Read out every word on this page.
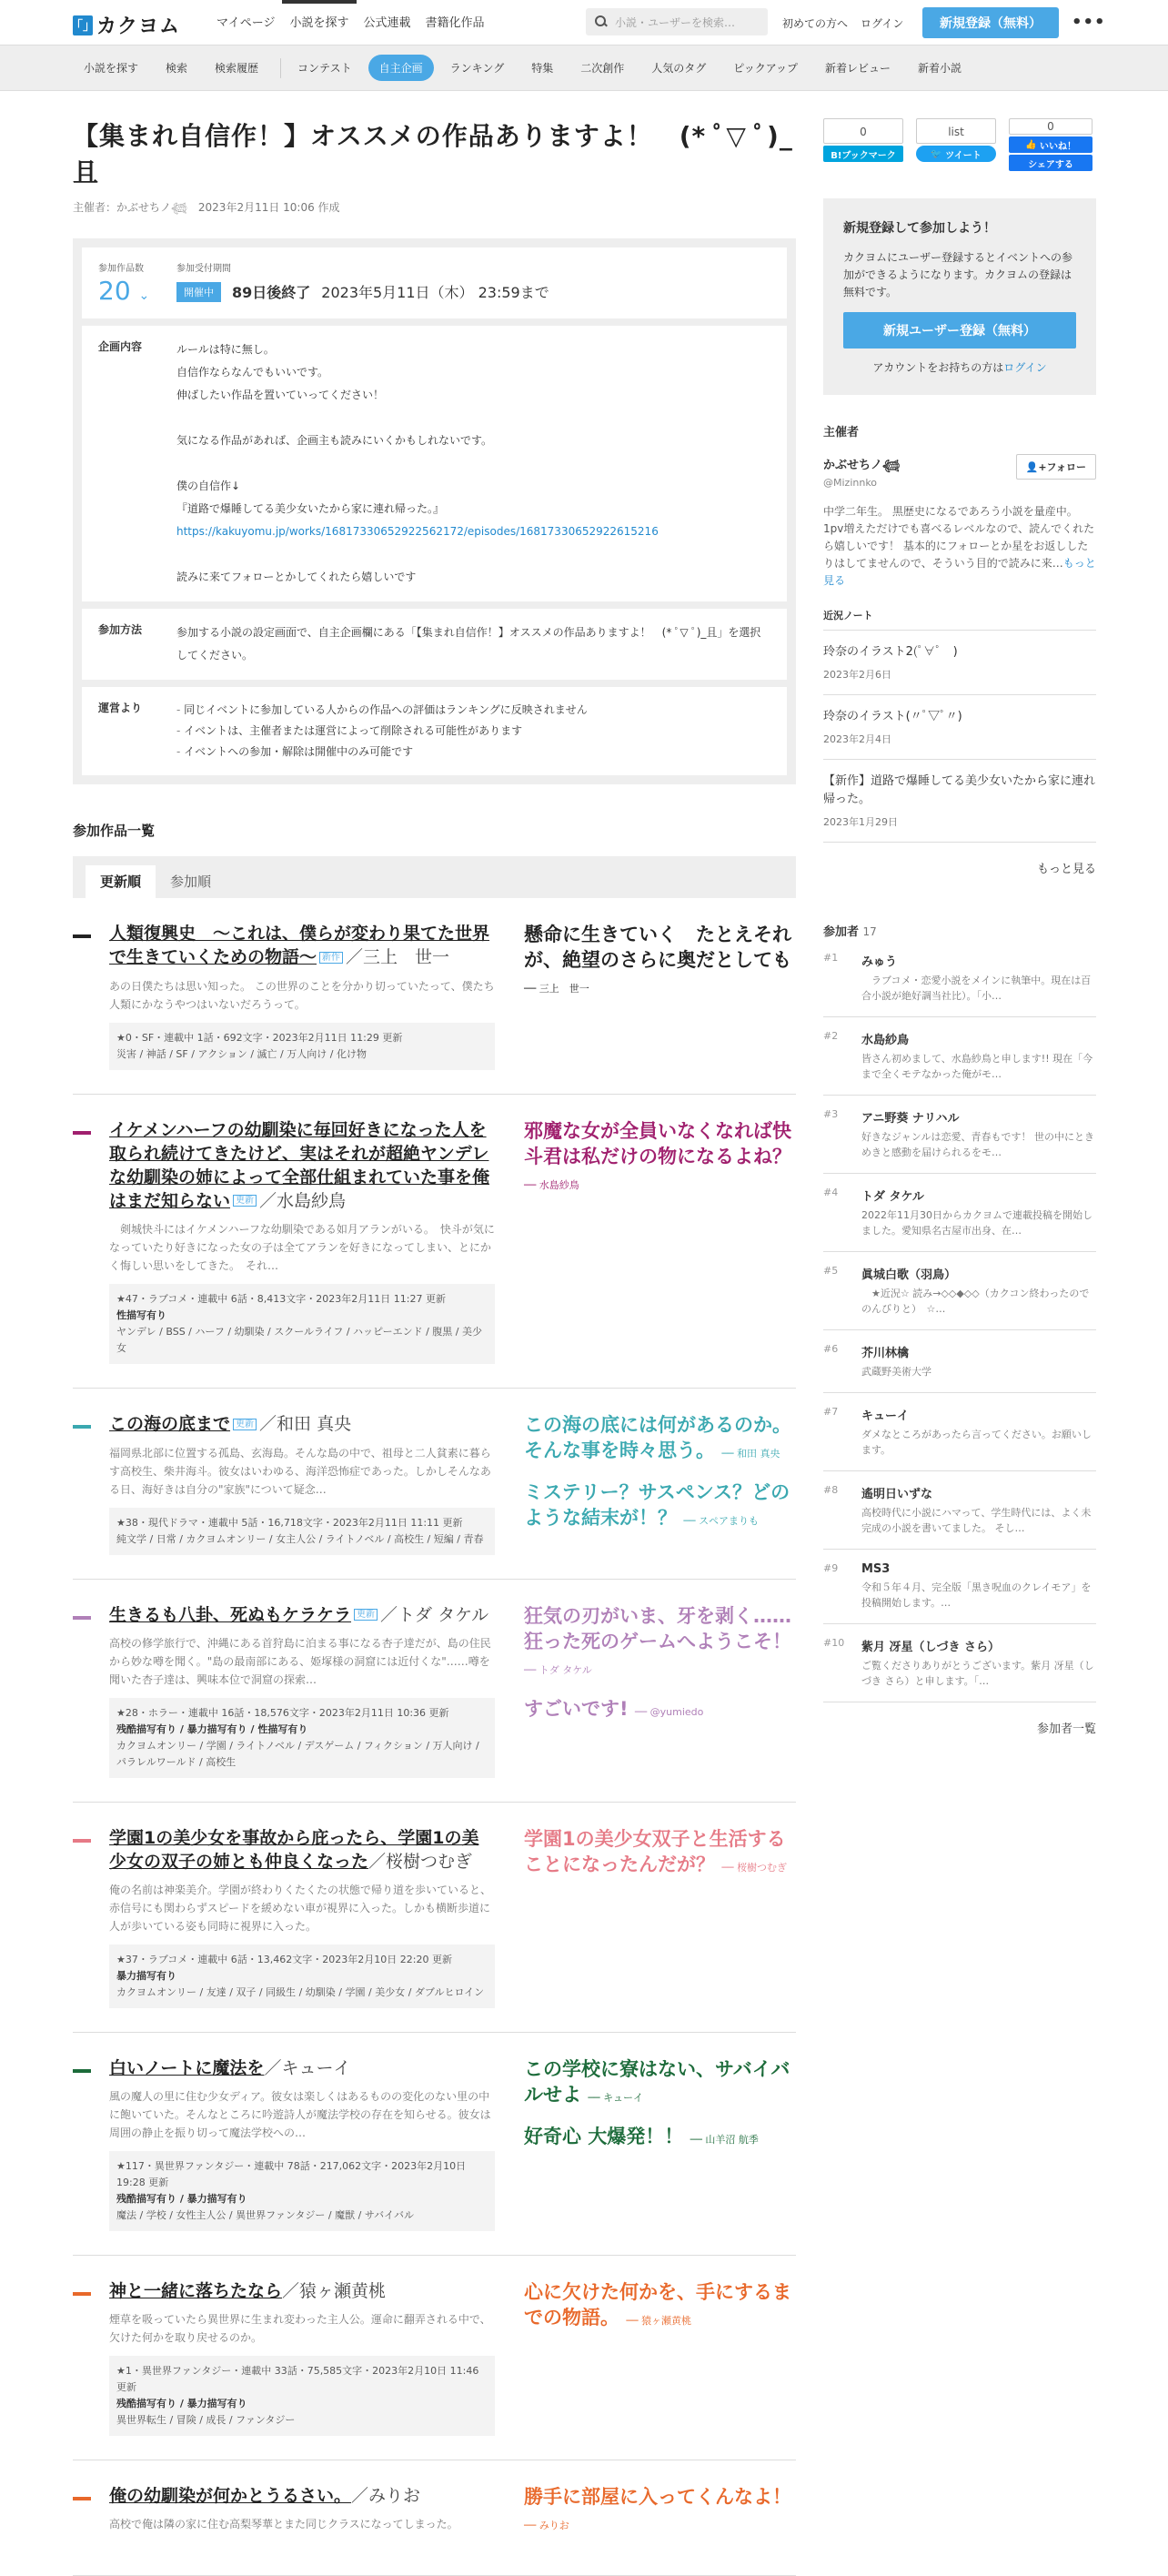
「」 カクヨム	マイページ	小説を探す	公式連載	書籍化作品	小説・ユーザーを検索…	初めての方へ ログイン	新規登録（無料）	•••
小説を探す	検索	検索履歴	コンテスト	自主企画	ランキング	特集	二次創作	人気のタグ	ピックアップ	新着レビュー	新着小説
【集まれ自信作！】オススメの作品ありますよ！　(* ﾟ▽ ﾟ)_且
主催者：かぶせちノ𓆉　2023年2月11日 10:06 作成
参加作品数
20 ⌄
参加受付期間
開催中	89日後終了 2023年5月11日（木） 23:59まで
企画内容	ルールは特に無し。
自信作ならなんでもいいです。
伸ばしたい作品を置いていってください！
気になる作品があれば、企画主も読みにいくかもしれないです。
僕の自信作↓
『道路で爆睡してる美少女いたから家に連れ帰った。』
https://kakuyomu.jp/works/16817330652922562172/episodes/16817330652922615216
読みに来てフォローとかしてくれたら嬉しいです
参加方法	参加する小説の設定画面で、自主企画欄にある「【集まれ自信作！】オススメの作品ありますよ！　(* ﾟ▽ ﾟ)_且」を選択してください。
運営より
-	同じイベントに参加している人からの作品への評価はランキングに反映されません
- イベントは、主催者または運営によって削除される可能性があります
- イベントへの参加・解除は開催中のみ可能です
参加作品一覧
更新順	参加順
人類復興史　～これは、僕らが変わり果てた世界で生きていくための物語～ 新作 ／三上　世一
あの日僕たちは思い知った。 この世界のことを分かり切っていたって、僕たち人類にかなうやつはいないだろうって。
★0・SF・連載中 1話・692文字・2023年2月11日 11:29 更新
災害 / 神話 / SF / アクション / 滅亡 / 万人向け / 化け物
懸命に生きていく　たとえそれが、絶望のさらに奥だとしても ── 三上　世一
イケメンハーフの幼馴染に毎回好きになった人を取られ続けてきたけど、実はそれが超絶ヤンデレな幼馴染の姉によって全部仕組まれていた事を俺はまだ知らない 更新 ／水島紗鳥
　剣城快斗にはイケメンハーフな幼馴染である如月アランがいる。　快斗が気になっていたり好きになった女の子は全てアランを好きになってしまい、とにかく悔しい思いをしてきた。　それ…
★47・ラブコメ・連載中 6話・8,413文字・2023年2月11日 11:27 更新
性描写有り
ヤンデレ / BSS / ハーフ / 幼馴染 / スクールライフ / ハッピーエンド / 腹黒 / 美少女
邪魔な女が全員いなくなれば快斗君は私だけの物になるよね？ ── 水島紗鳥
この海の底まで 更新 ／和田 真央
福岡県北部に位置する孤島、玄海島。そんな島の中で、祖母と二人貧素に暮らす高校生、柴井海斗。彼女はいわゆる、海洋恐怖症であった。しかしそんなある日、海好きは自分の"家族"について疑念…
★38・現代ドラマ・連載中 5話・16,718文字・2023年2月11日 11:11 更新
純文学 / 日常 / カクヨムオンリー / 女主人公 / ライトノベル / 高校生 / 短編 / 青春
この海の底には何があるのか。そんな事を時々思う。 ── 和田 真央
ミステリー？サスペンス？どのような結末が！？ ── スペアまりも
生きるも八卦、死ぬもケラケラ 更新 ／トダ タケル
高校の修学旅行で、沖縄にある首狩島に泊まる事になる杏子達だが、島の住民から妙な噂を聞く。"島の最南部にある、姫塚様の洞窟には近付くな"……噂を聞いた杏子達は、興味本位で洞窟の探索…
★28・ホラー・連載中 16話・18,576文字・2023年2月11日 10:36 更新
残酷描写有り / 暴力描写有り / 性描写有り
カクヨムオンリー / 学園 / ライトノベル / デスゲーム / フィクション / 万人向け / パラレルワールド / 高校生
狂気の刃がいま、牙を剥く……狂った死のゲームへようこそ！ ── トダ タケル
すごいです! ── @yumiedo
学園1の美少女を事故から庇ったら、学園1の美少女の双子の姉とも仲良くなった／桜樹つむぎ
俺の名前は神楽美介。学園が終わりくたくたの状態で帰り道を歩いていると、赤信号にも関わらずスピードを緩めない車が視界に入った。しかも横断歩道に人が歩いている姿も同時に視界に入った。
★37・ラブコメ・連載中 6話・13,462文字・2023年2月10日 22:20 更新
暴力描写有り
カクヨムオンリー / 友達 / 双子 / 同級生 / 幼馴染 / 学園 / 美少女 / ダブルヒロイン
学園1の美少女双子と生活することになったんだが？ ── 桜樹つむぎ
白いノートに魔法を／キューイ
風の魔人の里に住む少女ディア。彼女は楽しくはあるものの変化のない里の中に飽いていた。そんなところに吟遊詩人が魔法学校の存在を知らせる。彼女は周囲の静止を振り切って魔法学校への…
★117・異世界ファンタジー・連載中 78話・217,062文字・2023年2月10日 19:28 更新
残酷描写有り / 暴力描写有り
魔法 / 学校 / 女性主人公 / 異世界ファンタジー / 魔獣 / サバイバル
この学校に寮はない、サバイバルせよ ── キューイ
好奇心 大爆発！！ ── 山羊沼 航季
神と一緒に落ちたなら／猿ヶ瀬黄桃
煙草を吸っていたら異世界に生まれ変わった主人公。運命に翻弄される中で、欠けた何かを取り戻せるのか。
★1・異世界ファンタジー・連載中 33話・75,585文字・2023年2月10日 11:46 更新
残酷描写有り / 暴力描写有り
異世界転生 / 冒険 / 成長 / ファンタジー
心に欠けた何かを、手にするまでの物語。 ── 猿ヶ瀬黄桃
俺の幼馴染が何かとうるさい。／みりお
高校で俺は隣の家に住む高梨琴華とまた同じクラスになってしまった。
勝手に部屋に入ってくんなよ！ ── みりお
0
B!ブックマーク
list
🐦 ツイート
0
👍 いいね！
シェアする
新規登録して参加しよう！
カクヨムにユーザー登録するとイベントへの参加ができるようになります。カクヨムの登録は無料です。
新規ユーザー登録（無料）
アカウントをお持ちの方はログイン
主催者
かぶせちノ𓆉
@Mizinnko
👤+フォロー
中学二年生。 黒歴史になるであろう小説を量産中。 1pv増えただけでも喜べるレベルなので、読んでくれたら嬉しいです！ 基本的にフォローとか星をお返ししたりはしてませんので、そういう目的で読みに来…もっと見る
近況ノート
玲奈のイラスト2(ﾟ∀ﾟ　)
2023年2月6日
玲奈のイラスト(〃ﾟ▽ﾟ〃)
2023年2月4日
【新作】道路で爆睡してる美少女いたから家に連れ帰った。
2023年1月29日
もっと見る
参加者 17
#1 みゅう
　ラブコメ・恋愛小説をメインに執筆中。現在は百合小説が絶好調当社比）。「小…
#2 水島紗鳥
皆さん初めまして、水島紗鳥と申します!! 現在「今まで全くモテなかった俺がモ…
#3 アニ野葵 ナリハル
好きなジャンルは恋愛、青春もです！ 世の中にときめきと感動を届けられるをモ…
#4 トダ タケル
2022年11月30日からカクヨムで連載投稿を開始しました。愛知県名古屋市出身、在…
#5 眞城白歌（羽鳥）
　★近況☆ 読み→◇◇◆◇◇（カクコン終わったのでのんびりと）　☆…
#6 芥川林檎
武蔵野美術大学
#7 キューイ
ダメなところがあったら言ってください。お願いします。
#8 遙明日いずな
高校時代に小説にハマって、学生時代には、よく未完成の小説を書いてました。 そし…
#9 MS3
令和５年４月、完全版「黒き呪血のクレイモア」を投稿開始します。…
#10 紫月 冴星（しづき さら）
ご覧くださりありがとうございます。紫月 冴星（しづき さら）と申します。「…
参加者一覧
